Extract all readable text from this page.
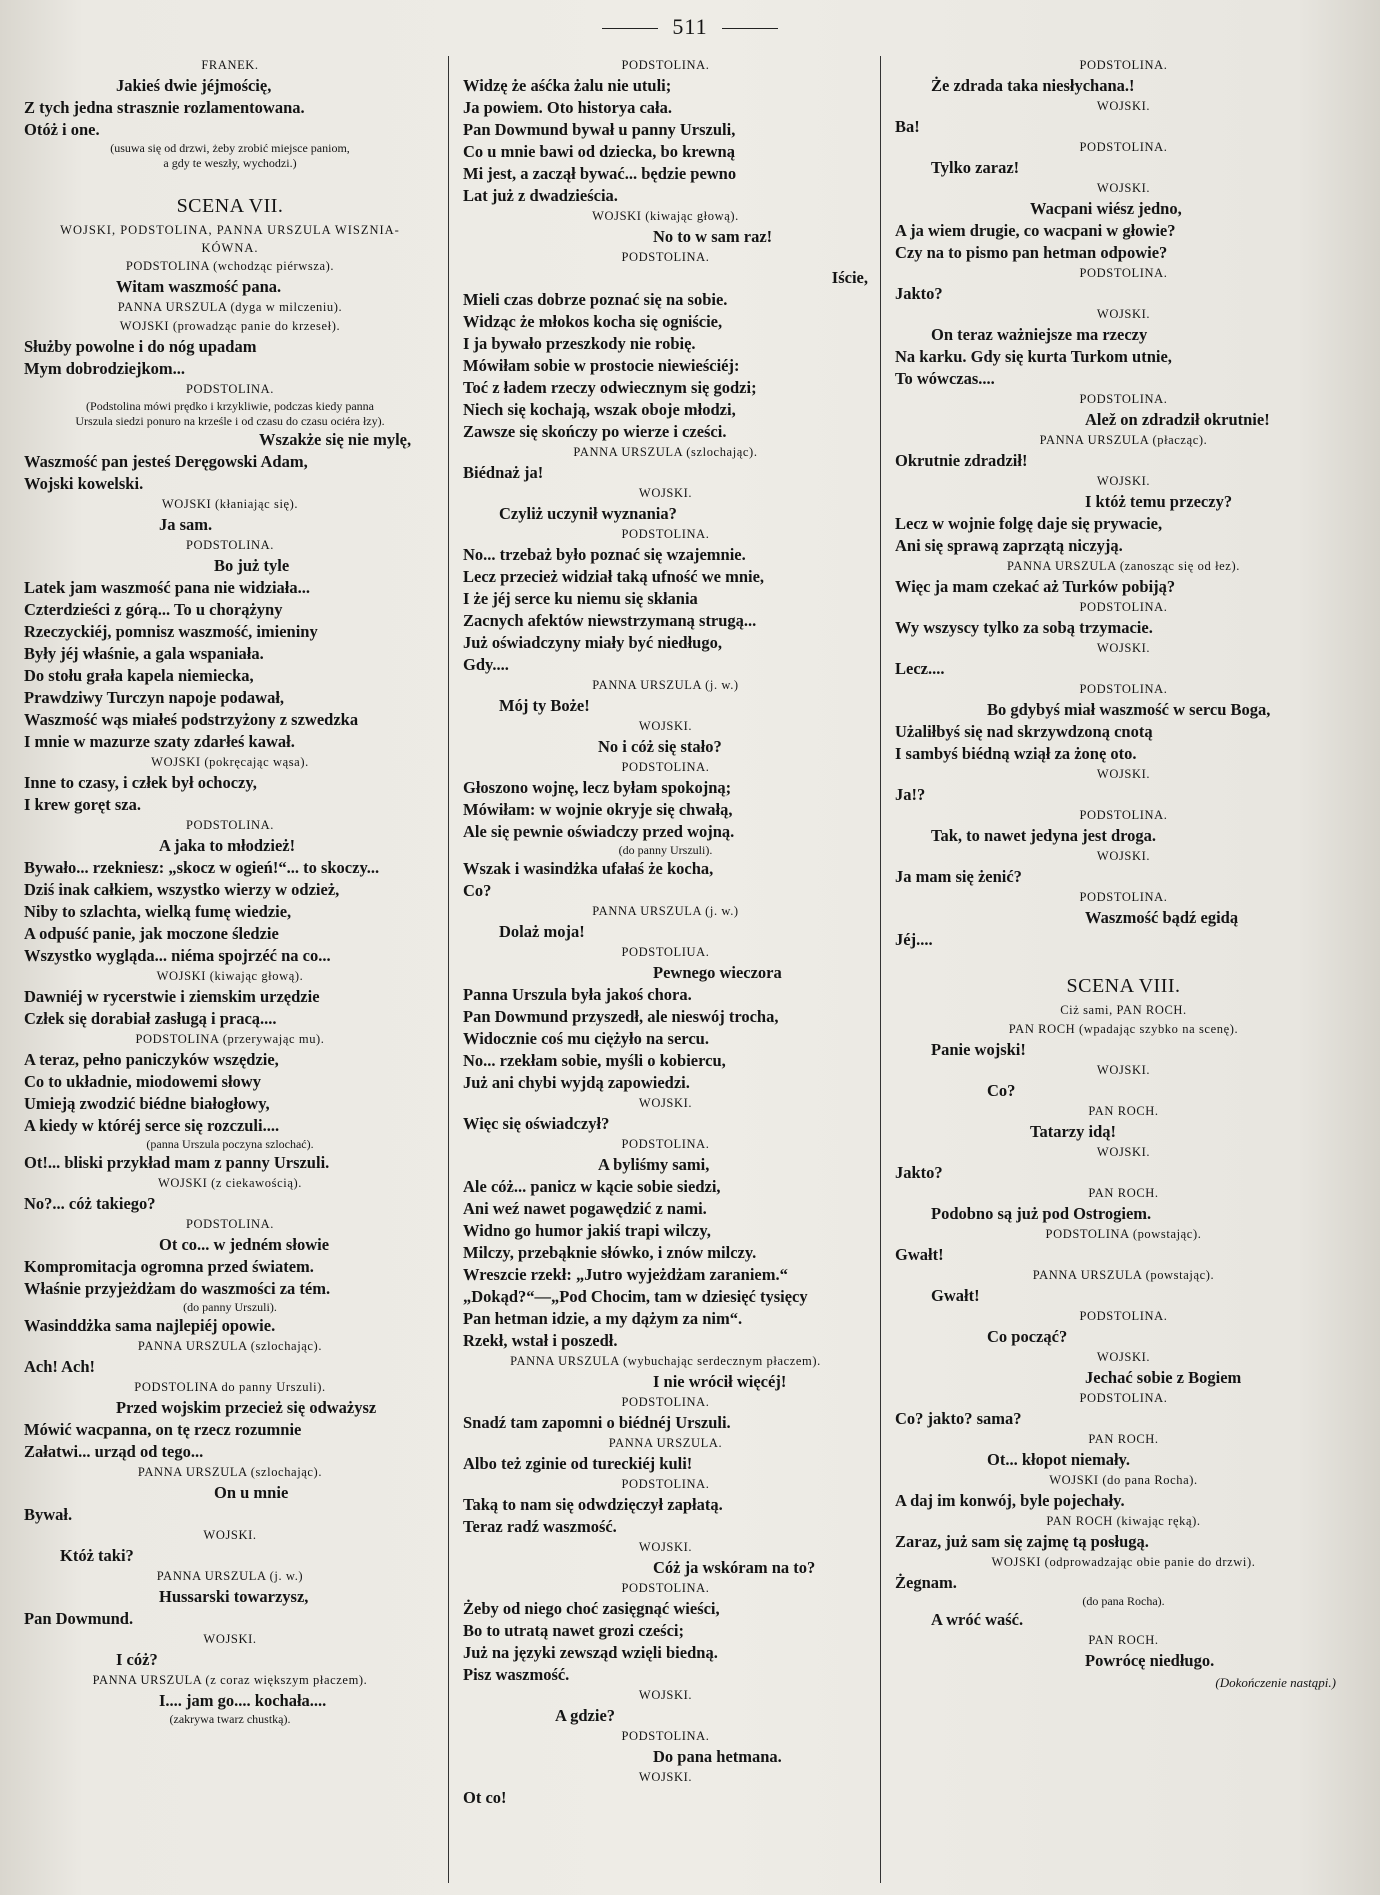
511
FRANEK.
Jakieś dwie jéjmościę,
Z tych jedna strasznie rozlamentowana.
Otóż i one.
(usuwa się od drzwi, żeby zrobić miejsce paniom,
a gdy te weszły, wychodzi.)
SCENA VII.
WOJSKI, PODSTOLINA, PANNA URSZULA WISZNIA-
KÓWNA.
PODSTOLINA (wchodząc piérwsza).
Witam waszmość pana.
PANNA URSZULA (dyga w milczeniu).
WOJSKI (prowadząc panie do krzeseł).
Służby powolne i do nóg upadam
Mym dobrodziejkom...
PODSTOLINA.
(Podstolina mówi prędko i krzykliwie, podczas kiedy panna
Urszula siedzi ponuro na krześle i od czasu do czasu ociéra łzy).
Wszakże się nie mylę,
Waszmość pan jesteś Deręgowski Adam,
Wojski kowelski.
WOJSKI (kłaniając się).
Ja sam.
PODSTOLINA.
Bo już tyle
Latek jam waszmość pana nie widziała...
Czterdzieści z górą... To u chorążyny
Rzeczyckiéj, pomnisz waszmość, imieniny
Były jéj właśnie, a gala wspaniała.
Do stołu grała kapela niemiecka,
Prawdziwy Turczyn napoje podawał,
Waszmość wąs miałeś podstrzyżony z szwedzka
I mnie w mazurze szaty zdarłeś kawał.
WOJSKI (pokręcając wąsa).
Inne to czasy, i człek był ochoczy,
I krew goręt sza.
PODSTOLINA.
A jaka to młodzież!
Bywało... rzekniesz: „skocz w ogień!“... to skoczy...
Dziś inak całkiem, wszystko wierzy w odzież,
Niby to szlachta, wielką fumę wiedzie,
A odpuść panie, jak moczone śledzie
Wszystko wygląda... niéma spojrzéć na co...
WOJSKI (kiwając głową).
Dawniéj w rycerstwie i ziemskim urzędzie
Człek się dorabiał zasługą i pracą....
PODSTOLINA (przerywając mu).
A teraz, pełno paniczyków wszędzie,
Co to układnie, miodowemi słowy
Umieją zwodzić biédne białogłowy,
A kiedy w któréj serce się rozczuli....
(panna Urszula poczyna szlochać).
Ot!... bliski przykład mam z panny Urszuli.
WOJSKI (z ciekawością).
No?... cóż takiego?
PODSTOLINA.
Ot co... w jedném słowie
Kompromitacja ogromna przed światem.
Właśnie przyjeżdżam do waszmości za tém.
(do panny Urszuli).
Wasinddżka sama najlepiéj opowie.
PANNA URSZULA (szlochając).
Ach! Ach!
PODSTOLINA do panny Urszuli).
Przed wojskim przecież się odważysz
Mówić wacpanna, on tę rzecz rozumnie
Załatwi... urząd od tego...
PANNA URSZULA (szlochając).
On u mnie
Bywał.
WOJSKI.
Któż taki?
PANNA URSZULA (j. w.)
Hussarski towarzysz,
Pan Dowmund.
WOJSKI.
I cóż?
PANNA URSZULA (z coraz większym płaczem).
I.... jam go.... kochała....
(zakrywa twarz chustką).
PODSTOLINA.
Widzę że aśćka żalu nie utuli;
Ja powiem. Oto historya cała.
Pan Dowmund bywał u panny Urszuli,
Co u mnie bawi od dziecka, bo krewną
Mi jest, a zaczął bywać... będzie pewno
Lat już z dwadzieścia.
WOJSKI (kiwając głową).
No to w sam raz!
PODSTOLINA.
Iście,
Mieli czas dobrze poznać się na sobie.
Widząc że młokos kocha się ogniście,
I ja bywało przeszkody nie robię.
Mówiłam sobie w prostocie niewieściéj:
Toć z ładem rzeczy odwiecznym się godzi;
Niech się kochają, wszak oboje młodzi,
Zawsze się skończy po wierze i cześci.
PANNA URSZULA (szlochając).
Biédnaż ja!
WOJSKI.
Czyliż uczynił wyznania?
PODSTOLINA.
No... trzebaż było poznać się wzajemnie.
Lecz przecież widział taką ufność we mnie,
I że jéj serce ku niemu się skłania
Zacnych afektów niewstrzymaną strugą...
Już oświadczyny miały być niedługo,
Gdy....
PANNA URSZULA (j. w.)
Mój ty Boże!
WOJSKI.
No i cóż się stało?
PODSTOLINA.
Głoszono wojnę, lecz byłam spokojną;
Mówiłam: w wojnie okryje się chwałą,
Ale się pewnie oświadczy przed wojną.
(do panny Urszuli).
Wszak i wasindżka ufałaś że kocha,
Co?
PANNA URSZULA (j. w.)
Dolaż moja!
PODSTOLIUA.
Pewnego wieczora
Panna Urszula była jakoś chora.
Pan Dowmund przyszedł, ale nieswój trocha,
Widocznie coś mu ciężyło na sercu.
No... rzekłam sobie, myśli o kobiercu,
Już ani chybi wyjdą zapowiedzi.
WOJSKI.
Więc się oświadczył?
PODSTOLINA.
A byliśmy sami,
Ale cóż... panicz w kącie sobie siedzi,
Ani weź nawet pogawędzić z nami.
Widno go humor jakiś trapi wilczy,
Milczy, przebąknie słówko, i znów milczy.
Wreszcie rzekł: „Jutro wyjeżdżam zaraniem.“
„Dokąd?“—„Pod Chocim, tam w dziesięć tysięcy
Pan hetman idzie, a my dążym za nim“.
Rzekł, wstał i poszedł.
PANNA URSZULA (wybuchając serdecznym płaczem).
I nie wrócił więcéj!
PODSTOLINA.
Snadź tam zapomni o biédnéj Urszuli.
PANNA URSZULA.
Albo też zginie od tureckiéj kuli!
PODSTOLINA.
Taką to nam się odwdzięczył zapłatą.
Teraz radź waszmość.
WOJSKI.
Cóż ja wskóram na to?
PODSTOLINA.
Żeby od niego choć zasięgnąć wieści,
Bo to utratą nawet grozi cześci;
Już na języki zewsząd wzięli biedną.
Pisz waszmość.
WOJSKI.
A gdzie?
PODSTOLINA.
Do pana hetmana.
WOJSKI.
Ot co!
PODSTOLINA.
Że zdrada taka niesłychana.!
WOJSKI.
Ba!
PODSTOLINA.
Tylko zaraz!
WOJSKI.
Wacpani wiész jedno,
A ja wiem drugie, co wacpani w głowie?
Czy na to pismo pan hetman odpowie?
PODSTOLINA.
Jakto?
WOJSKI.
On teraz ważniejsze ma rzeczy
Na karku. Gdy się kurta Turkom utnie,
To wówczas....
PODSTOLINA.
Alež on zdradził okrutnie!
PANNA URSZULA (płacząc).
Okrutnie zdradził!
WOJSKI.
I któż temu przeczy?
Lecz w wojnie folgę daje się prywacie,
Ani się sprawą zaprzątą niczyją.
PANNA URSZULA (zanosząc się od łez).
Więc ja mam czekać aż Turków pobiją?
PODSTOLINA.
Wy wszyscy tylko za sobą trzymacie.
WOJSKI.
Lecz....
PODSTOLINA.
Bo gdybyś miał waszmość w sercu Boga,
Użaliłbyś się nad skrzywdzoną cnotą
I sambyś biédną wziął za żonę oto.
WOJSKI.
Ja!?
PODSTOLINA.
Tak, to nawet jedyna jest droga.
WOJSKI.
Ja mam się żenić?
PODSTOLINA.
Waszmość bądź egidą
Jéj....
SCENA VIII.
Ciż sami, PAN ROCH.
PAN ROCH (wpadając szybko na scenę).
Panie wojski!
WOJSKI.
Co?
PAN ROCH.
Tatarzy idą!
WOJSKI.
Jakto?
PAN ROCH.
Podobno są już pod Ostrogiem.
PODSTOLINA (powstając).
Gwałt!
PANNA URSZULA (powstając).
Gwałt!
PODSTOLINA.
Co począć?
WOJSKI.
Jechać sobie z Bogiem
PODSTOLINA.
Co? jakto? sama?
PAN ROCH.
Ot... kłopot niemały.
WOJSKI (do pana Rocha).
A daj im konwój, byle pojechały.
PAN ROCH (kiwając ręką).
Zaraz, już sam się zajmę tą posługą.
WOJSKI (odprowadzając obie panie do drzwi).
Żegnam.
(do pana Rocha).
A wróć waść.
PAN ROCH.
Powrócę niedługo.
(Dokończenie nastąpi.)
